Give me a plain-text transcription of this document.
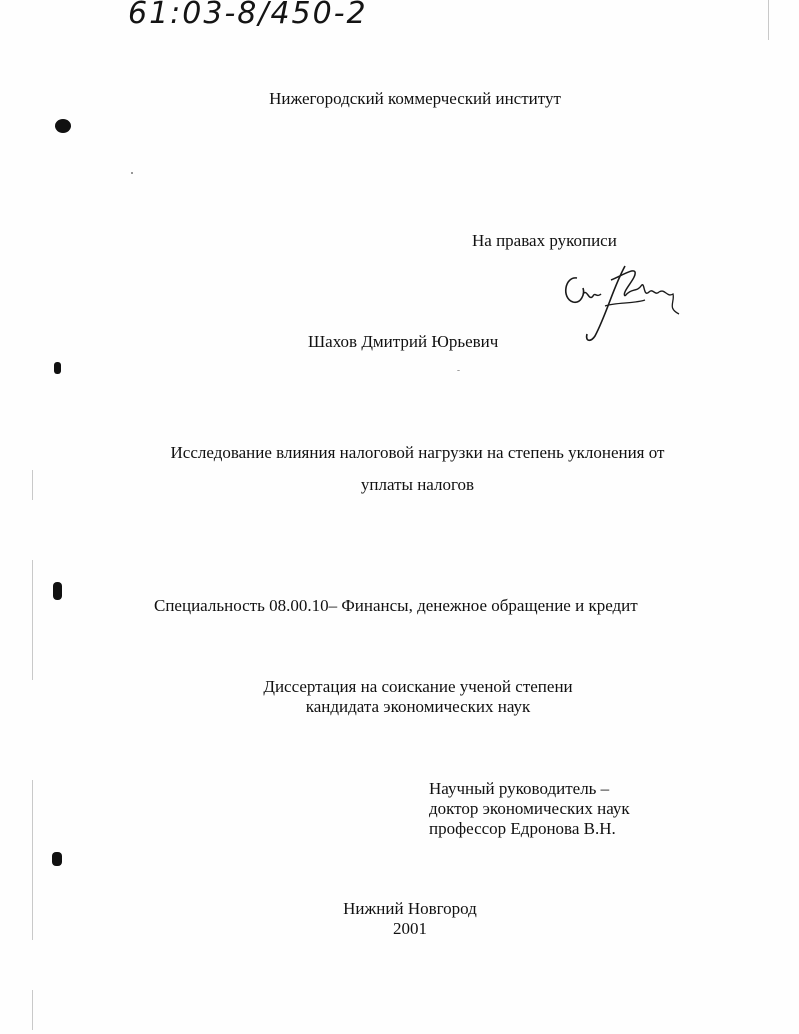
61:03-8/450-2
Нижегородский коммерческий институт
На правах рукописи
Шахов Дмитрий Юрьевич
Исследование влияния налоговой нагрузки на степень уклонения от
уплаты налогов
Специальность 08.00.10– Финансы, денежное обращение и кредит
Диссертация на соискание ученой степени
кандидата экономических наук
Научный руководитель –
доктор экономических наук
профессор Едронова В.Н.
Нижний Новгород
2001
